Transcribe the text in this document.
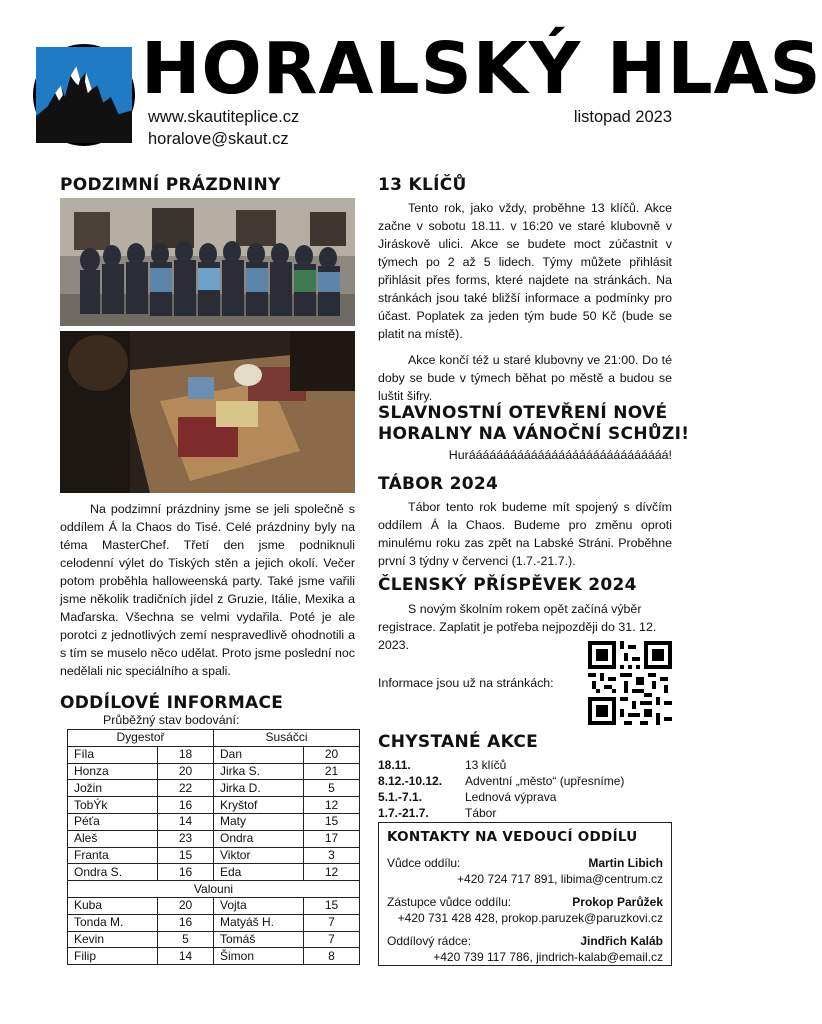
HORALSKÝ HLAS
www.skautiteplice.cz
horalove@skaut.cz
listopad 2023
PODZIMNÍ PRÁZDNINY

Na podzimní prázdniny jsme se jeli společně s oddílem Á la Chaos do Tisé. Celé prázdniny byly na téma MasterChef. Třetí den jsme podniknuli celodenní výlet do Tiských stěn a jejich okolí. Večer potom proběhla halloweenská party. Také jsme vařili jsme několik tradičních jídel z Gruzie, Itálie, Mexika a Maďarska. Všechna se velmi vydařila. Poté je ale porotci z jednotlivých zemí nespravedlivě ohodnotili a s tím se muselo něco udělat. Proto jsme poslední noc nedělali nic speciálního a spali.

ODDÍLOVÉ INFORMACE
Průběžný stav bodování:
Dygestoř		Susáčci	
Fíla	18	Dan	20
Honza	20	Jirka S.	21
Jožin	22	Jirka D.	5
TobÝk	16	Kryštof	12
Péťa	14	Maty	15
Aleš	23	Ondra	17
Franta	15	Viktor	3
Ondra S.	16	Eda	12
Valouni			
Kuba	20	Vojta	15
Tonda M.	16	Matyáš H.	7
Kevin	5	Tomáš	7
Filip	14	Šimon	8
13 KLÍČŮ

Tento rok, jako vždy, proběhne 13 klíčů. Akce začne v sobotu 18.11. v 16:20 ve staré klubovně v Jiráskově ulici. Akce se budete moct zúčastnit v týmech po 2 až 5 lidech. Týmy můžete přihlásit přihlásit přes forms, které najdete na stránkách. Na stránkách jsou také bližší informace a podmínky pro účast. Poplatek za jeden tým bude 50 Kč (bude se platit na místě).

Akce končí též u staré klubovny ve 21:00. Do té doby se bude v týmech běhat po městě a budou se luštit šifry.

SLAVNOSTNÍ OTEVŘENÍ NOVÉ
HORALNY NA VÁNOČNÍ SCHŮZI!
Hurááááááááááááááááááááááááááááá!
TÁBOR 2024

Tábor tento rok budeme mít spojený s dívčím oddílem Á la Chaos. Budeme pro změnu oproti minulému roku zas zpět na Labské Stráni. Proběhne první 3 týdny v červenci (1.7.-21.7.).

ČLENSKÝ PŘÍSPĚVEK 2024

S novým školním rokem opět začíná výběr registrace. Zaplatit je potřeba nejpozději do 31. 12. 2023.

Informace jsou už na stránkách:
CHYSTANÉ AKCE
18.11.	13 klíčů
8.12.-10.12.	Adventní „město“ (upřesníme)
5.1.-7.1.	Lednová výprava
1.7.-21.7.	Tábor
KONTAKTY NA VEDOUCÍ ODDÍLU
Vůdce oddílu:	Martin Libich
+420 724 717 891, libima@centrum.cz
Zástupce vůdce oddílu:	Prokop Parůžek
+420 731 428 428, prokop.paruzek@paruzkovi.cz
Oddílový rádce:	Jindřich Kaláb
+420 739 117 786, jindrich-kalab@email.cz
